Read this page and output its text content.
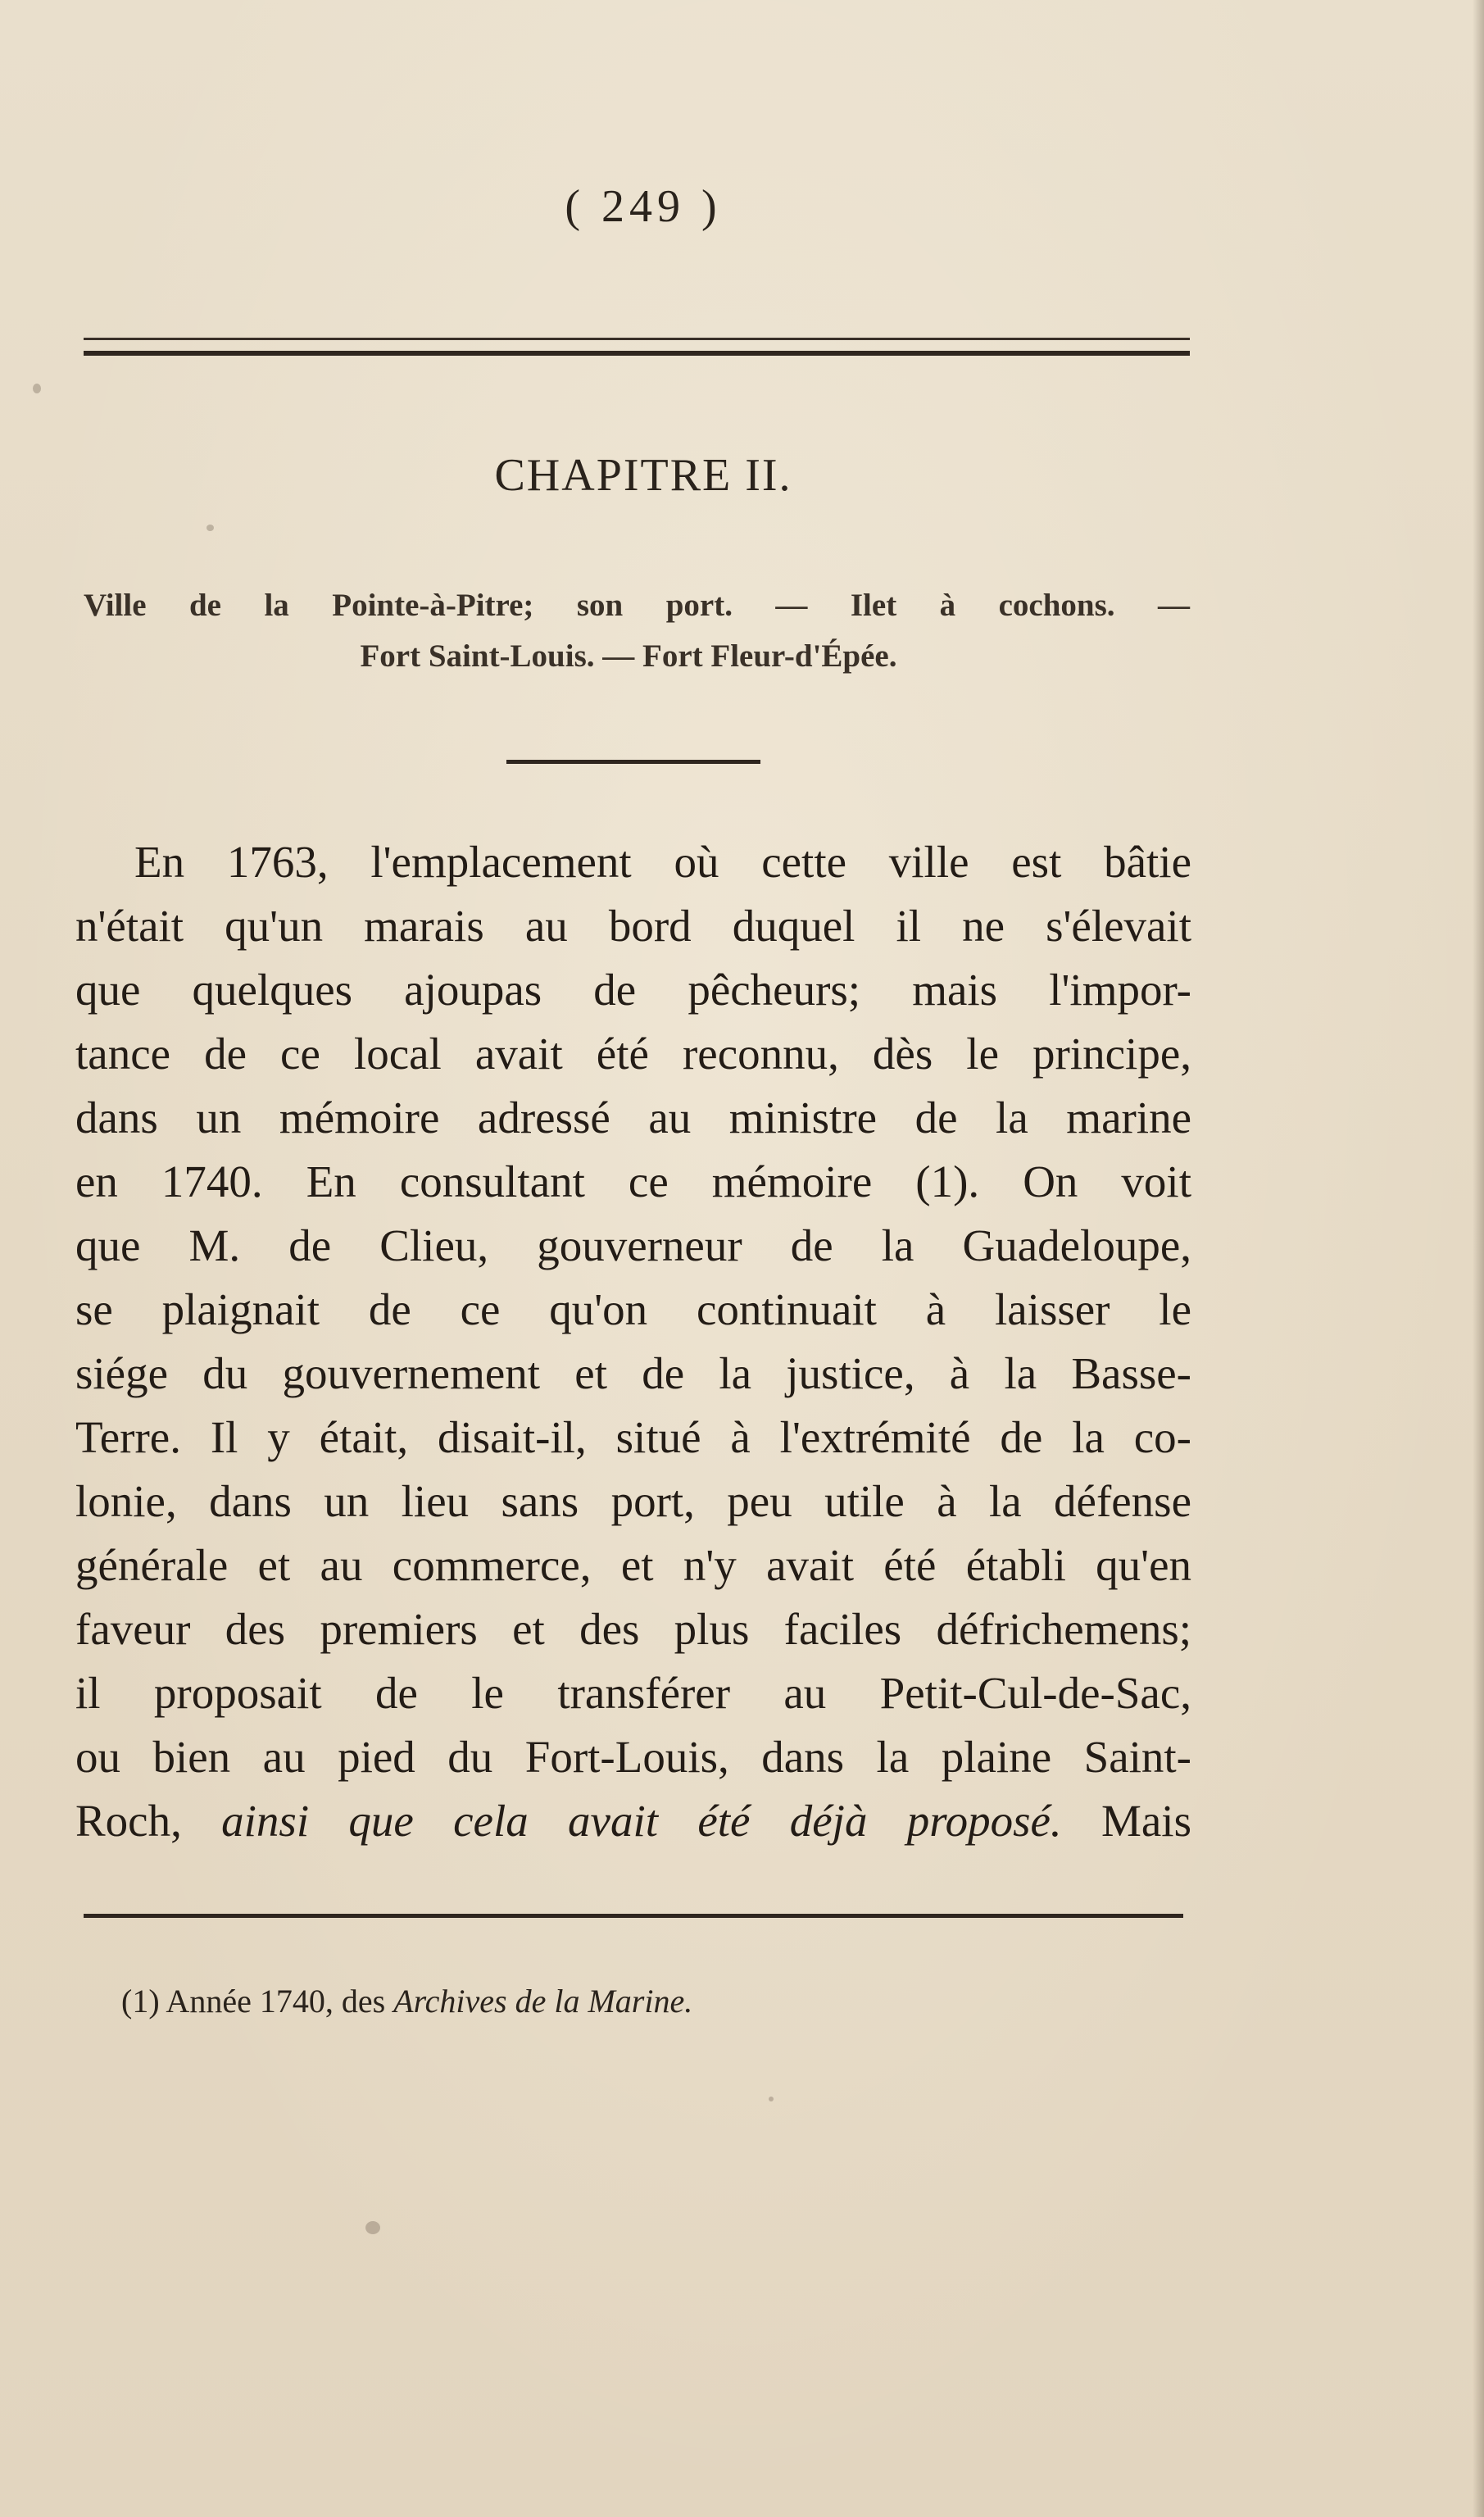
( 249 )
CHAPITRE II.
Ville de la Pointe-à-Pitre; son port. — Ilet à cochons. —
Fort Saint-Louis. — Fort Fleur-d'Épée.
En 1763, l'emplacement où cette ville est bâtie
n'était qu'un marais au bord duquel il ne s'élevait
que quelques ajoupas de pêcheurs; mais l'impor-
tance de ce local avait été reconnu, dès le principe,
dans un mémoire adressé au ministre de la marine
en 1740. En consultant ce mémoire (1). On voit
que M. de Clieu, gouverneur de la Guadeloupe,
se plaignait de ce qu'on continuait à laisser le
siége du gouvernement et de la justice, à la Basse-
Terre. Il y était, disait-il, situé à l'extrémité de la co-
lonie, dans un lieu sans port, peu utile à la défense
générale et au commerce, et n'y avait été établi qu'en
faveur des premiers et des plus faciles défrichemens;
il proposait de le transférer au Petit-Cul-de-Sac,
ou bien au pied du Fort-Louis, dans la plaine Saint-
Roch, ainsi que cela avait été déjà proposé. Mais
(1) Année 1740, des Archives de la Marine.
